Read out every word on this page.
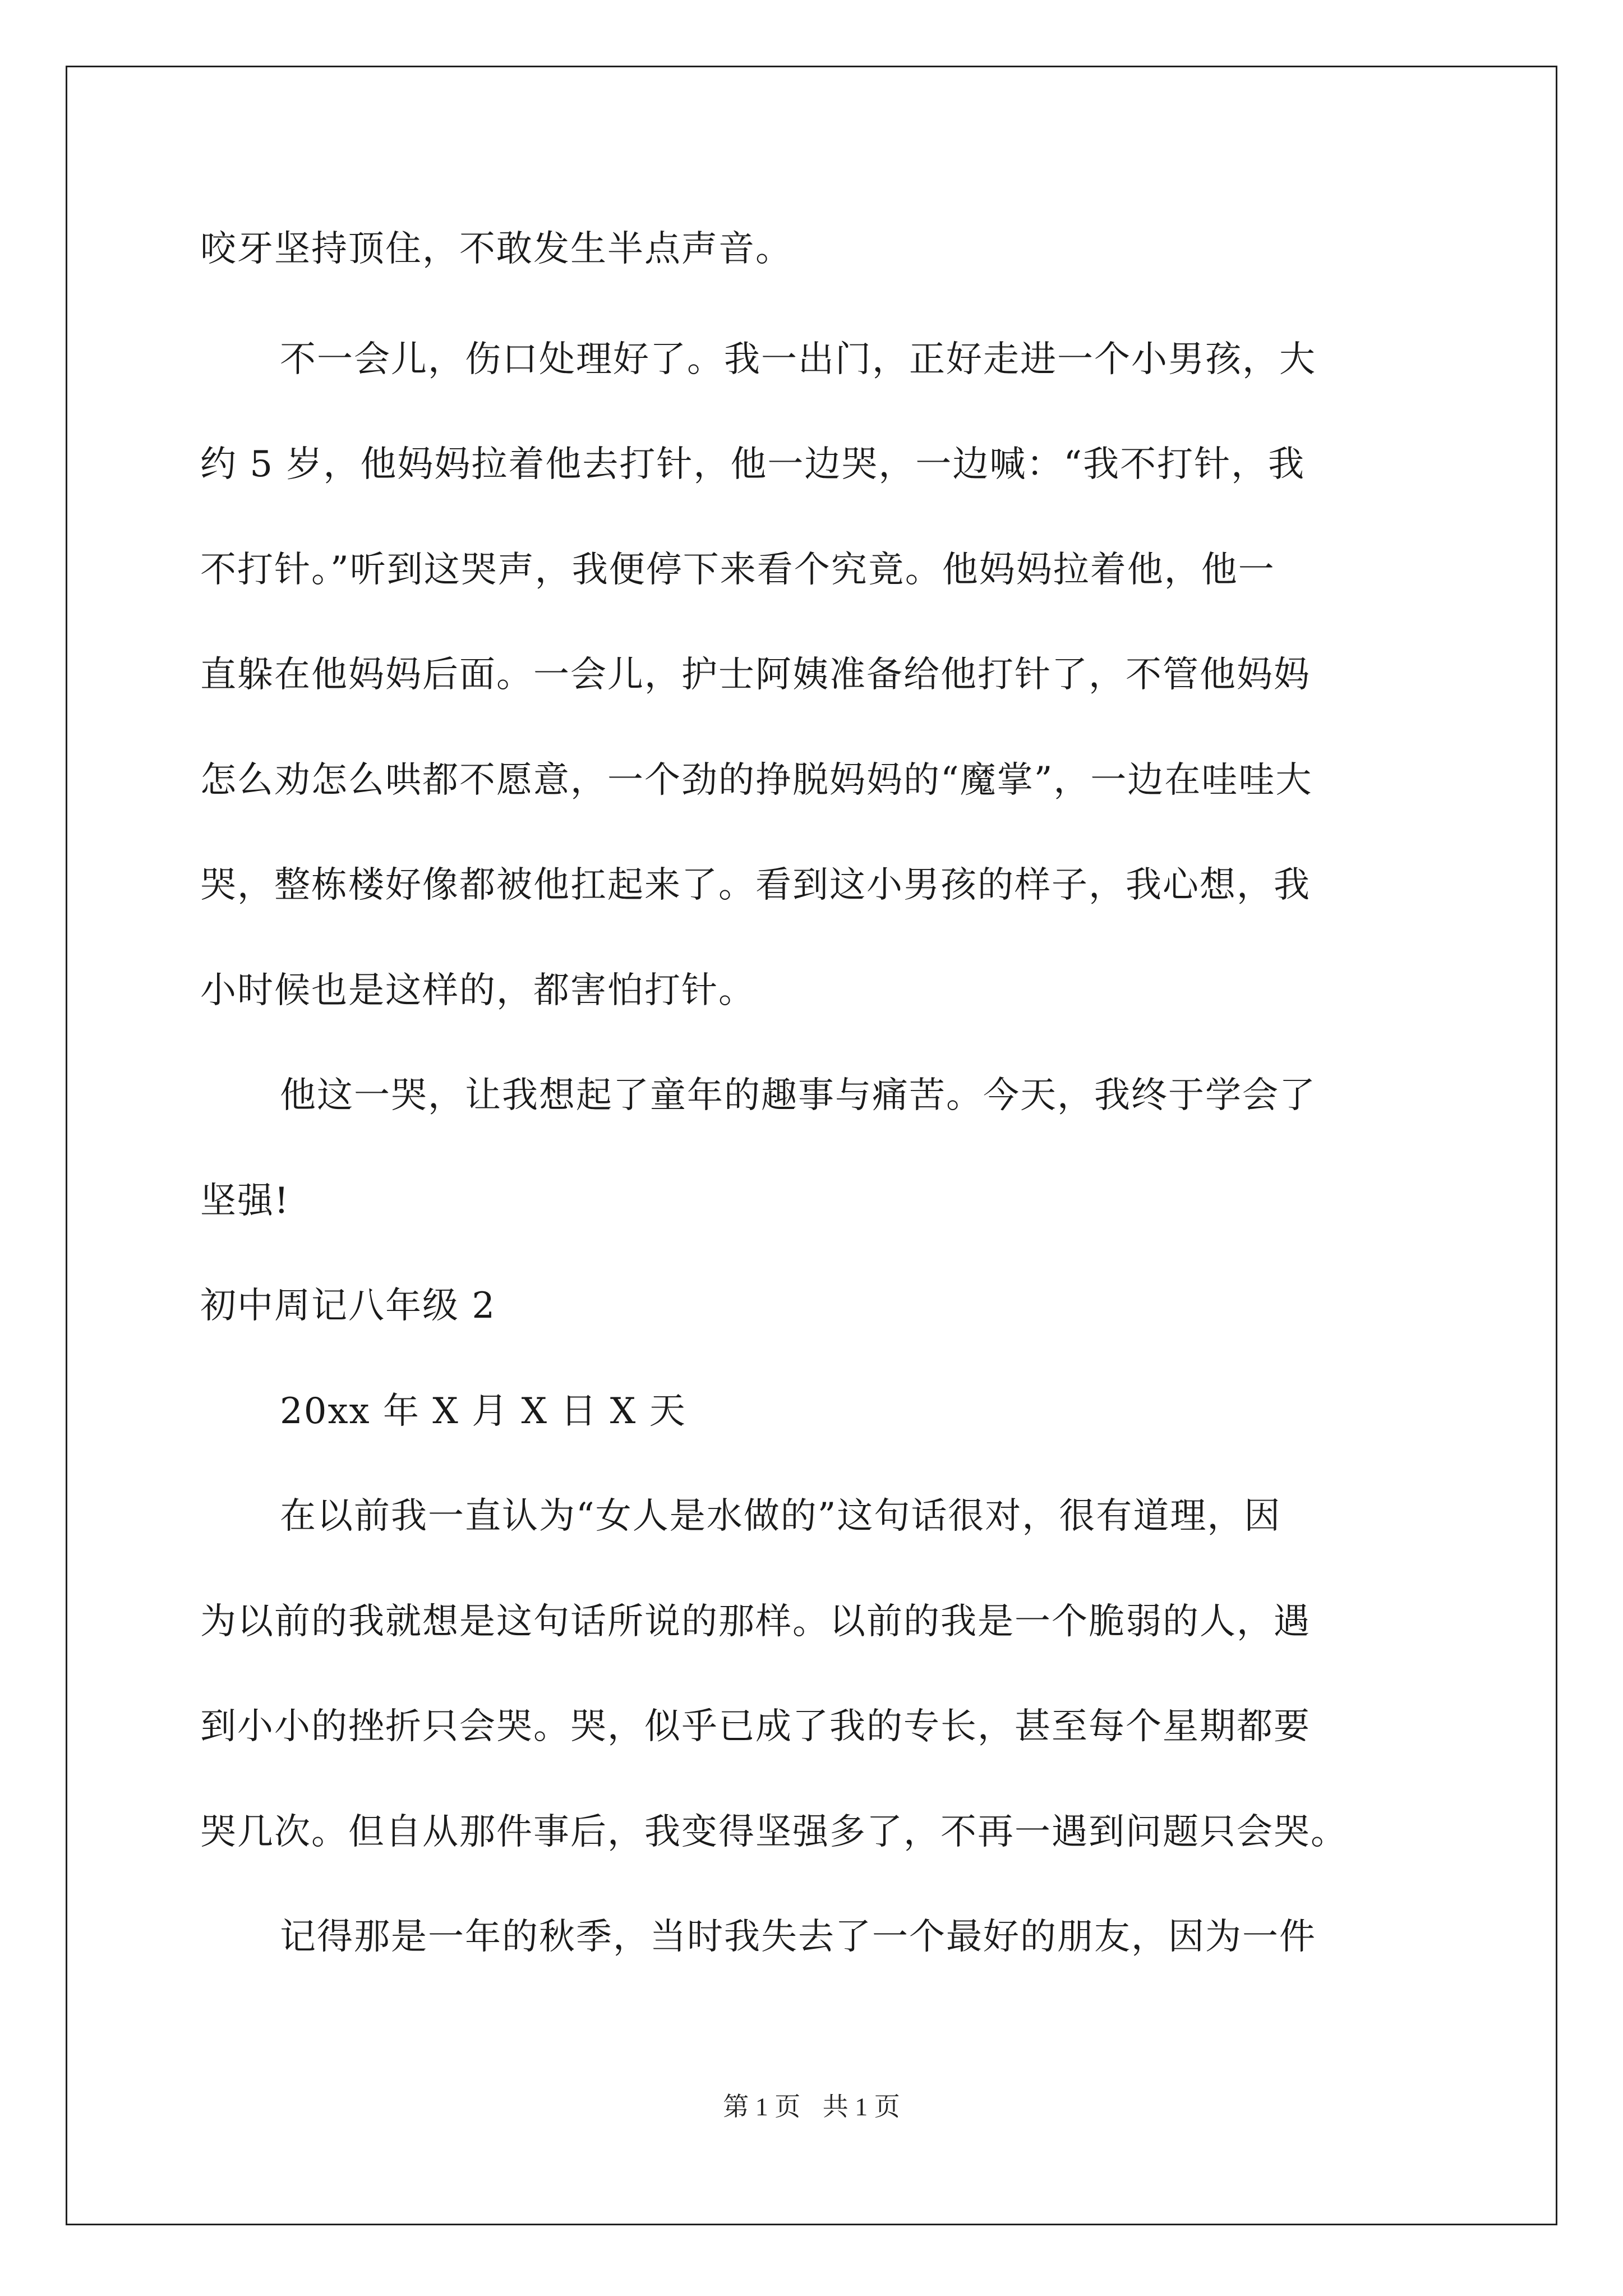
咬牙坚持顶住，不敢发生半点声音。
不一会儿，伤口处理好了。我一出门，正好走进一个小男孩，大
约 5 岁，他妈妈拉着他去打针，他一边哭，一边喊：“我不打针，我
不打针。”听到这哭声，我便停下来看个究竟。他妈妈拉着他，他一
直躲在他妈妈后面。一会儿，护士阿姨准备给他打针了，不管他妈妈
怎么劝怎么哄都不愿意，一个劲的挣脱妈妈的“魔掌”，一边在哇哇大
哭，整栋楼好像都被他扛起来了。看到这小男孩的样子，我心想，我
小时候也是这样的，都害怕打针。
他这一哭，让我想起了童年的趣事与痛苦。今天，我终于学会了
坚强!
初中周记八年级 2
20xx 年 X 月 X 日 X 天
在以前我一直认为“女人是水做的”这句话很对，很有道理，因
为以前的我就想是这句话所说的那样。以前的我是一个脆弱的人，遇
到小小的挫折只会哭。哭，似乎已成了我的专长，甚至每个星期都要
哭几次。但自从那件事后，我变得坚强多了，不再一遇到问题只会哭。
记得那是一年的秋季，当时我失去了一个最好的朋友，因为一件
第 1 页 共 1 页
